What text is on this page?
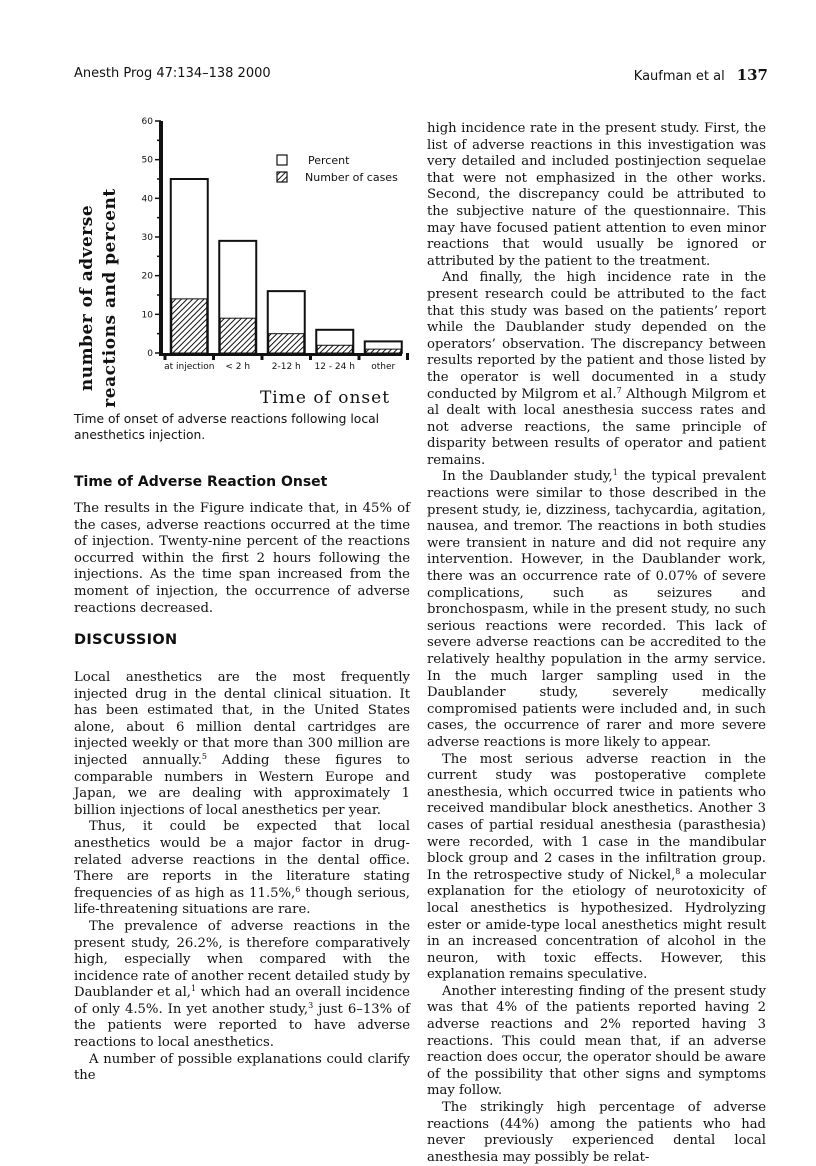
Anesth Prog 47:134–138 2000	Kaufman et al 137
0
10
20
30
40
50
60
at injection < 2 h 2-12 h 12 - 24 h other
Percent
Number of cases
number of adverse reactions and percent	Time of onset
Time of onset of adverse reactions following local anesthetics injection.
Time of Adverse Reaction Onset

The results in the Figure indicate that, in 45% of the cases, adverse reactions occurred at the time of injection. Twenty-nine percent of the reactions occurred within the first 2 hours following the injections. As the time span increased from the moment of injection, the occurrence of adverse reactions decreased.

DISCUSSION

Local anesthetics are the most frequently injected drug in the dental clinical situation. It has been estimated that, in the United States alone, about 6 million dental cartridges are injected weekly or that more than 300 million are injected annually.$^5$ Adding these figures to comparable numbers in Western Europe and Japan, we are dealing with approximately 1 billion injections of local anesthetics per year.

Thus, it could be expected that local anesthetics would be a major factor in drug-related adverse reactions in the dental office. There are reports in the literature stating frequencies of as high as 11.5%,$^6$ though serious, life-threatening situations are rare.

The prevalence of adverse reactions in the present study, 26.2%, is therefore comparatively high, especially when compared with the incidence rate of another recent detailed study by Daublander et al,$^1$ which had an overall incidence of only 4.5%. In yet another study,$^3$ just 6–13% of the patients were reported to have adverse reactions to local anesthetics.

A number of possible explanations could clarify the

high incidence rate in the present study. First, the list of adverse reactions in this investigation was very detailed and included postinjection sequelae that were not emphasized in the other works. Second, the discrepancy could be attributed to the subjective nature of the questionnaire. This may have focused patient attention to even minor reactions that would usually be ignored or attributed by the patient to the treatment.

And finally, the high incidence rate in the present research could be attributed to the fact that this study was based on the patients’ report while the Daublander study depended on the operators’ observation. The discrepancy between results reported by the patient and those listed by the operator is well documented in a study conducted by Milgrom et al.$^7$ Although Milgrom et al dealt with local anesthesia success rates and not adverse reactions, the same principle of disparity between results of operator and patient remains.

In the Daublander study,$^1$ the typical prevalent reactions were similar to those described in the present study, ie, dizziness, tachycardia, agitation, nausea, and tremor. The reactions in both studies were transient in nature and did not require any intervention. However, in the Daublander work, there was an occurrence rate of 0.07% of severe complications, such as seizures and bronchospasm, while in the present study, no such serious reactions were recorded. This lack of severe adverse reactions can be accredited to the relatively healthy population in the army service. In the much larger sampling used in the Daublander study, severely medically compromised patients were included and, in such cases, the occurrence of rarer and more severe adverse reactions is more likely to appear.

The most serious adverse reaction in the current study was postoperative complete anesthesia, which occurred twice in patients who received mandibular block anesthetics. Another 3 cases of partial residual anesthesia (parasthesia) were recorded, with 1 case in the mandibular block group and 2 cases in the infiltration group. In the retrospective study of Nickel,$^8$ a molecular explanation for the etiology of neurotoxicity of local anesthetics is hypothesized. Hydrolyzing ester or amide-type local anesthetics might result in an increased concentration of alcohol in the neuron, with toxic effects. However, this explanation remains speculative.

Another interesting finding of the present study was that 4% of the patients reported having 2 adverse reactions and 2% reported having 3 reactions. This could mean that, if an adverse reaction does occur, the operator should be aware of the possibility that other signs and symptoms may follow.

The strikingly high percentage of adverse reactions (44%) among the patients who had never previously experienced dental local anesthesia may possibly be relat-
